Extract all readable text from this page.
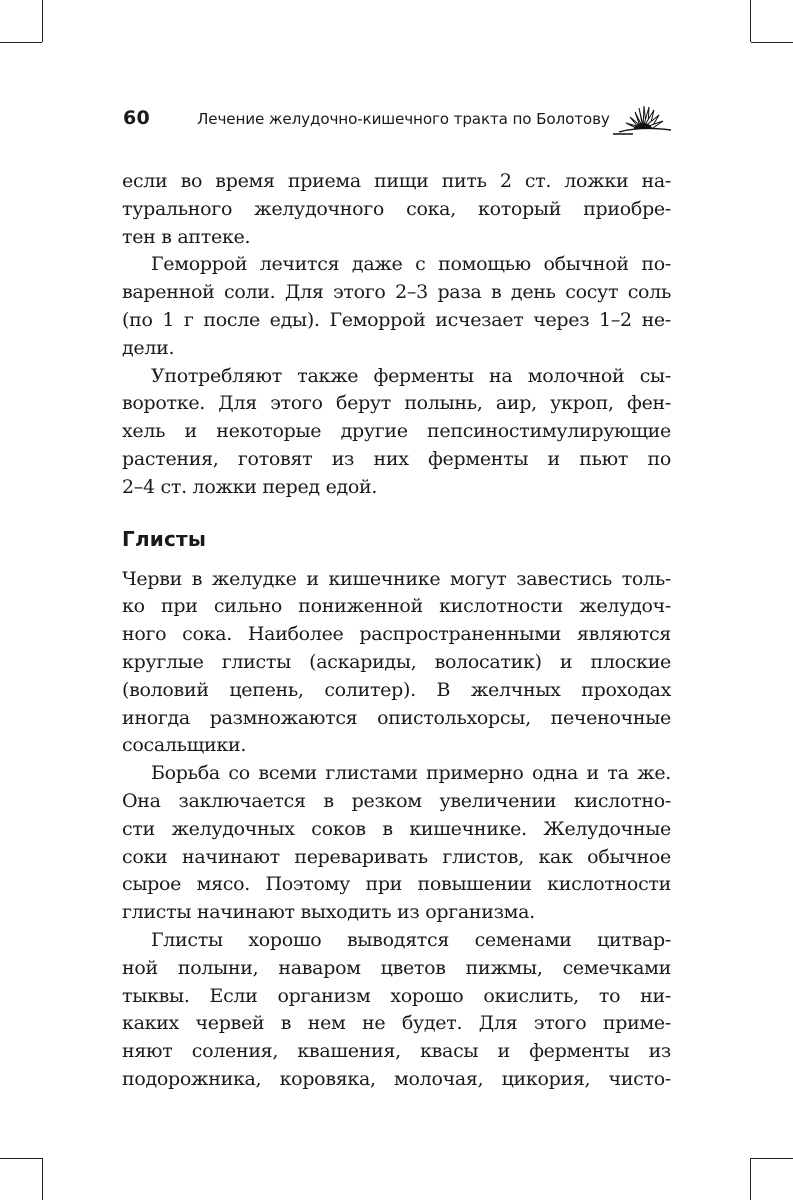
60	Лечение желудочно-кишечного тракта по Болотову

если во время приема пищи пить 2 ст. ложки на-
турального желудочного сока, который приобре-
тен в аптеке.

Геморрой лечится даже с помощью обычной по-
варенной соли. Для этого 2–3 раза в день сосут соль
(по 1 г после еды). Геморрой исчезает через 1–2 не-
дели.

Употребляют также ферменты на молочной сы-
воротке. Для этого берут полынь, аир, укроп, фен-
хель и некоторые другие пепсиностимулирующие
растения, готовят из них ферменты и пьют по
2–4 ст. ложки перед едой.

Глисты

Черви в желудке и кишечнике могут завестись толь-
ко при сильно пониженной кислотности желудоч-
ного сока. Наиболее распространенными являются
круглые глисты (аскариды, волосатик) и плоские
(воловий цепень, солитер). В желчных проходах
иногда размножаются опистольхорсы, печеночные
сосальщики.

Борьба со всеми глистами примерно одна и та же.
Она заключается в резком увеличении кислотно-
сти желудочных соков в кишечнике. Желудочные
соки начинают переваривать глистов, как обычное
сырое мясо. Поэтому при повышении кислотности
глисты начинают выходить из организма.

Глисты хорошо выводятся семенами цитвар-
ной полыни, наваром цветов пижмы, семечками
тыквы. Если организм хорошо окислить, то ни-
каких червей в нем не будет. Для этого приме-
няют соления, квашения, квасы и ферменты из
подорожника, коровяка, молочая, цикория, чисто-
